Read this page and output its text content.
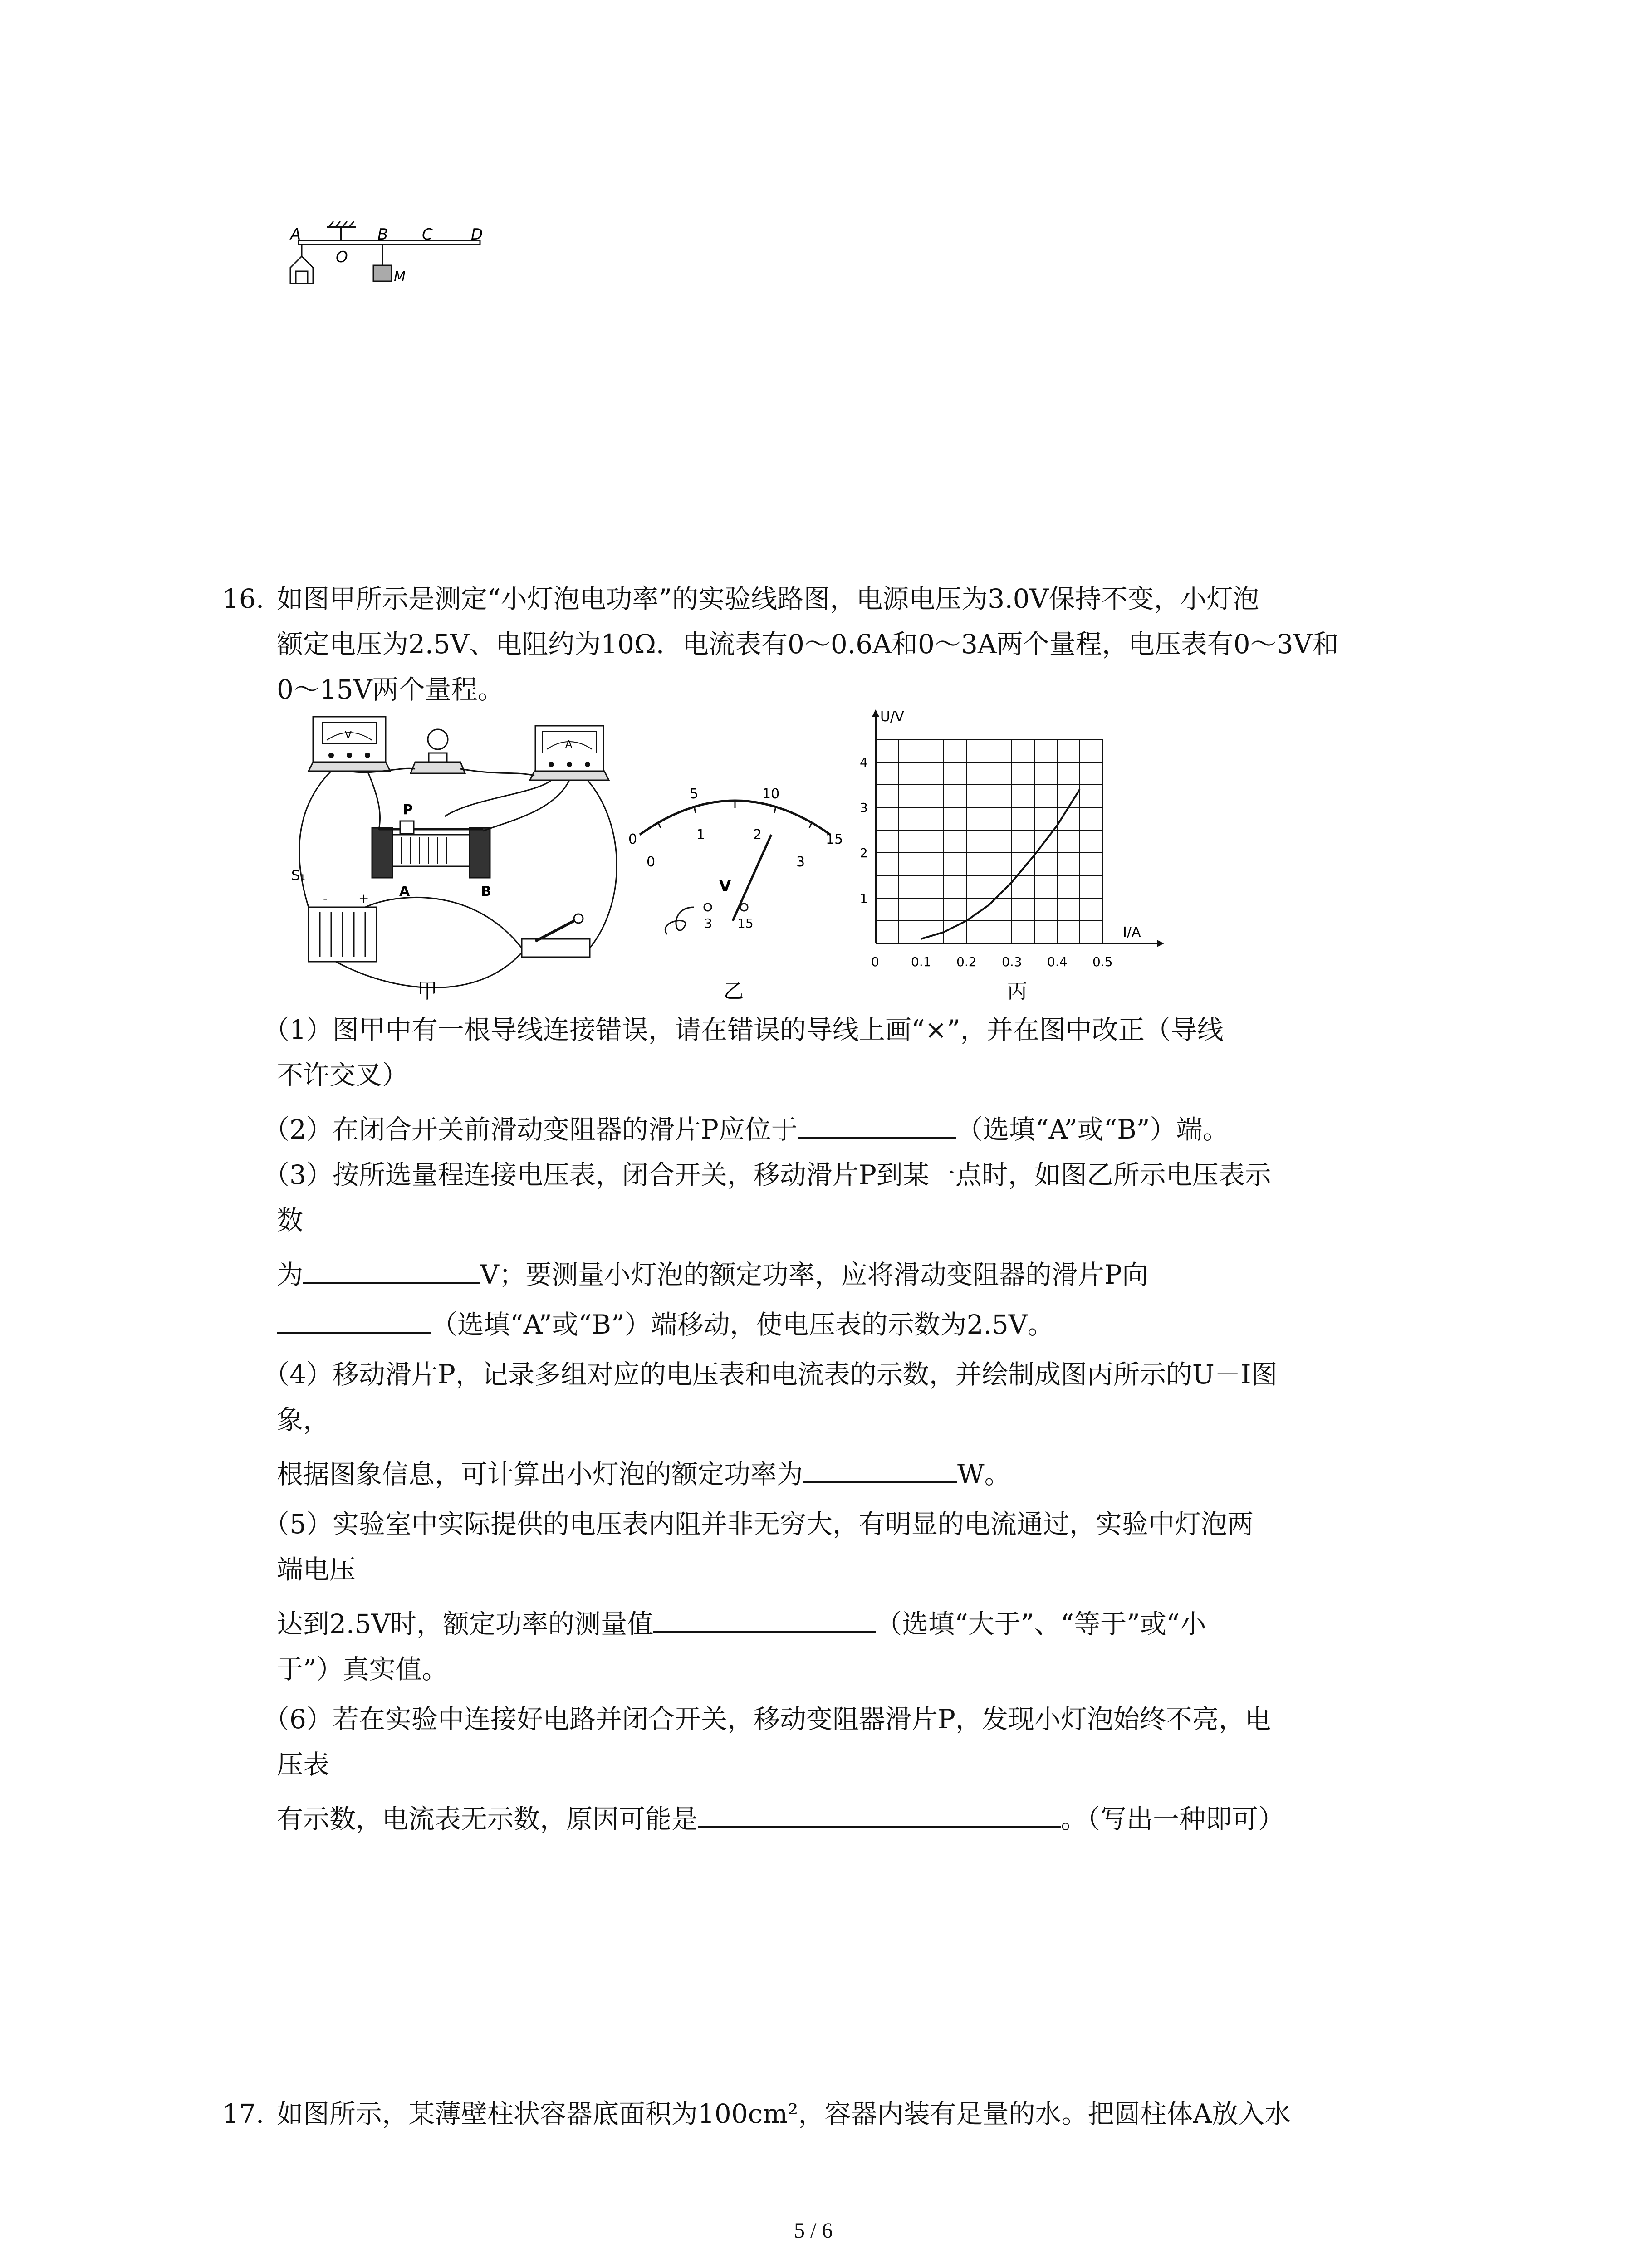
A	B C D
O
M
16. 如图甲所示是测定“小灯泡电功率”的实验线路图，电源电压为3.0V保持不变，小灯泡
额定电压为2.5V、电阻约为10Ω．电流表有0～0.6A和0～3A两个量程，电压表有0～3V和
0～15V两个量程。
V
A
P
A	B
- +
S₁
甲
0
5	10
15
0
1	2
3
V
3 15
乙
U/V
I/A
0	0.1 0.2 0.3 0.4 0.5
1
2
3
4
丙
（1）图甲中有一根导线连接错误，请在错误的导线上画“×”，并在图中改正（导线
不许交叉）
（2）在闭合开关前滑动变阻器的滑片P应位于	（选填“A”或“B”）端。
（3）按所选量程连接电压表，闭合开关，移动滑片P到某一点时，如图乙所示电压表示
数
为	V；要测量小灯泡的额定功率，应将滑动变阻器的滑片P向
（选填“A”或“B”）端移动，使电压表的示数为2.5V。
（4）移动滑片P，记录多组对应的电压表和电流表的示数，并绘制成图丙所示的U－I图
象，
根据图象信息，可计算出小灯泡的额定功率为	W。
（5）实验室中实际提供的电压表内阻并非无穷大，有明显的电流通过，实验中灯泡两
端电压
达到2.5V时，额定功率的测量值	（选填“大于”、“等于”或“小
于”）真实值。
（6）若在实验中连接好电路并闭合开关，移动变阻器滑片P，发现小灯泡始终不亮，电
压表
有示数，电流表无示数，原因可能是	。（写出一种即可）
17. 如图所示，某薄壁柱状容器底面积为100cm²，容器内装有足量的水。把圆柱体A放入水
5 / 6
